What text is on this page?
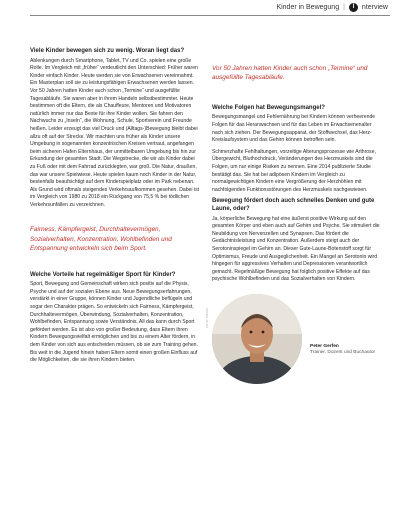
Kinder in Bewegung |	I	nterview
Viele Kinder bewegen sich zu wenig. Woran liegt das?

Ablenkungen durch Smartphone, Tablet, TV und Co. spielen eine große Rolle. Im Vergleich mit „früher“ verdeutlicht den Unterschied: Früher waren Kinder einfach Kinder. Heute werden sie von Erwachsenen vereinnahmt. Ein Masterplan soll sie zu leistungsfähigen Erwachsenen werden lassen. Vor 50 Jahren hatten Kinder auch schon „Termine“ und ausgefüllte Tagesabläufe. Sie waren aber in ihrem Handeln selbstbestimmter. Heute bestimmen oft die Eltern, die als Chauffeure, Mentoren und Motivatoren natürlich immer nur das Beste für ihre Kinder wollen. Sie fahren den Nachwuchs zu „Inseln“, die Wohnung, Schule, Sportverein und Freunde heißen. Leider erzeugt das viel Druck und (Alltags-)Bewegung bleibt dabei allzu oft auf der Strecke. Wir machten uns früher als Kinder unsere Umgebung in sogenannten konzentrischen Kreisen vertraut, angefangen beim sicheren Hafen Elternhaus, der unmittelbaren Umgebung bis hin zur Erkundung der gesamten Stadt. Die Wegstrecke, die wir als Kinder dabei zu Fuß oder mit dem Fahrrad zurücklegten, war groß. Die Natur, draußen, das war unsere Spielwiese. Heute spielen kaum noch Kinder in der Natur, bestenfalls beaufsichtigt auf dem Kinderspielplatz oder im Park nebenan. Als Grund wird oftmals steigendes Verkehrsaufkommen gesehen. Dabei ist im Vergleich von 1980 zu 2018 ein Rückgang von 75,5 % bei tödlichen Verkehrsunfällen zu verzeichnen.

Fairness, Kämpfergeist, Durchhaltevermögen, Sozialverhalten, Konzentration, Wohlbefinden und Entspannung entwickeln sich beim Sport.

Welche Vorteile hat regelmäßiger Sport für Kinder?

Sport, Bewegung und Gemeinschaft wirken sich positiv auf die Physis, Psyche und auf der sozialen Ebene aus. Neue Bewegungserfahrungen, verstärkt in einer Gruppe, können Kinder und Jugendliche beflügeln und sogar den Charakter prägen. So entwickeln sich Fairness, Kämpfergeist, Durchhaltevermögen, Überwindung, Sozialverhalten, Konzentration, Wohlbefinden, Entspannung sowie Verständnis. All das kann durch Sport gefördert werden. Es ist also von großer Bedeutung, dass Eltern ihren Kindern Bewegungsvielfalt ermöglichen und bis zu einem Alter fördern, in dem Kinder von sich aus entscheiden müssen, ob sie zum Training gehen. Bis weit in die Jugend hinein haben Eltern somit einen großen Einfluss auf die Möglichkeiten, die sie ihren Kindern bieten.

Vor 50 Jahren hatten Kinder auch schon „Termine“ und ausgefüllte Tagesabläufe.

Welche Folgen hat Bewegungsmangel?

Bewegungsmangel und Fehlernährung bei Kindern können verheerende Folgen für das Heranwachsen und für das Leben im Erwachsenenalter nach sich ziehen. Der Bewegungsapparat, der Stoffwechsel, das Herz-Kreislaufsystem und das Gehirn können betroffen sein.

Schmerzhafte Fehlhaltungen, vorzeitige Alterungsprozesse wie Arthrose, Übergewicht, Bluthochdruck, Veränderungen des Herzmuskels sind die Folgen, um nur einige Risiken zu nennen. Eine 2014 publizierte Studie bestätigt das. Sie hat bei adipösen Kindern im Vergleich zu normalgewichtigen Kindern eine Vergrößerung der Herzhöhlen mit nachfolgenden Funktionsstörungen des Herzmuskels nachgewiesen.

Bewegung fördert doch auch schnelles Denken und gute Laune, oder?

Ja, körperliche Bewegung hat eine äußerst positive Wirkung auf den gesamten Körper und eben auch auf Gehirn und Psyche. Sie stimuliert die Neubildung von Nervenzellen und Synapsen. Das fördert die Gedächtnisleistung und Konzentration. Außerdem steigt auch der Serotoninspiegel im Gehirn an. Dieser Gute-Laune-Botenstoff sorgt für Optimismus, Freude und Ausgeglichenheit. Ein Mangel an Serotonin wird hingegen für aggressives Verhalten und Depressionen verantwortlich gemacht. Regelmäßige Bewegung hat folglich positive Effekte auf das psychische Wohlbefinden und das Sozialverhalten von Kindern.

FOTO: PRIVAT
Peter Gerfen
Trainer, Dozent und Buchautor
